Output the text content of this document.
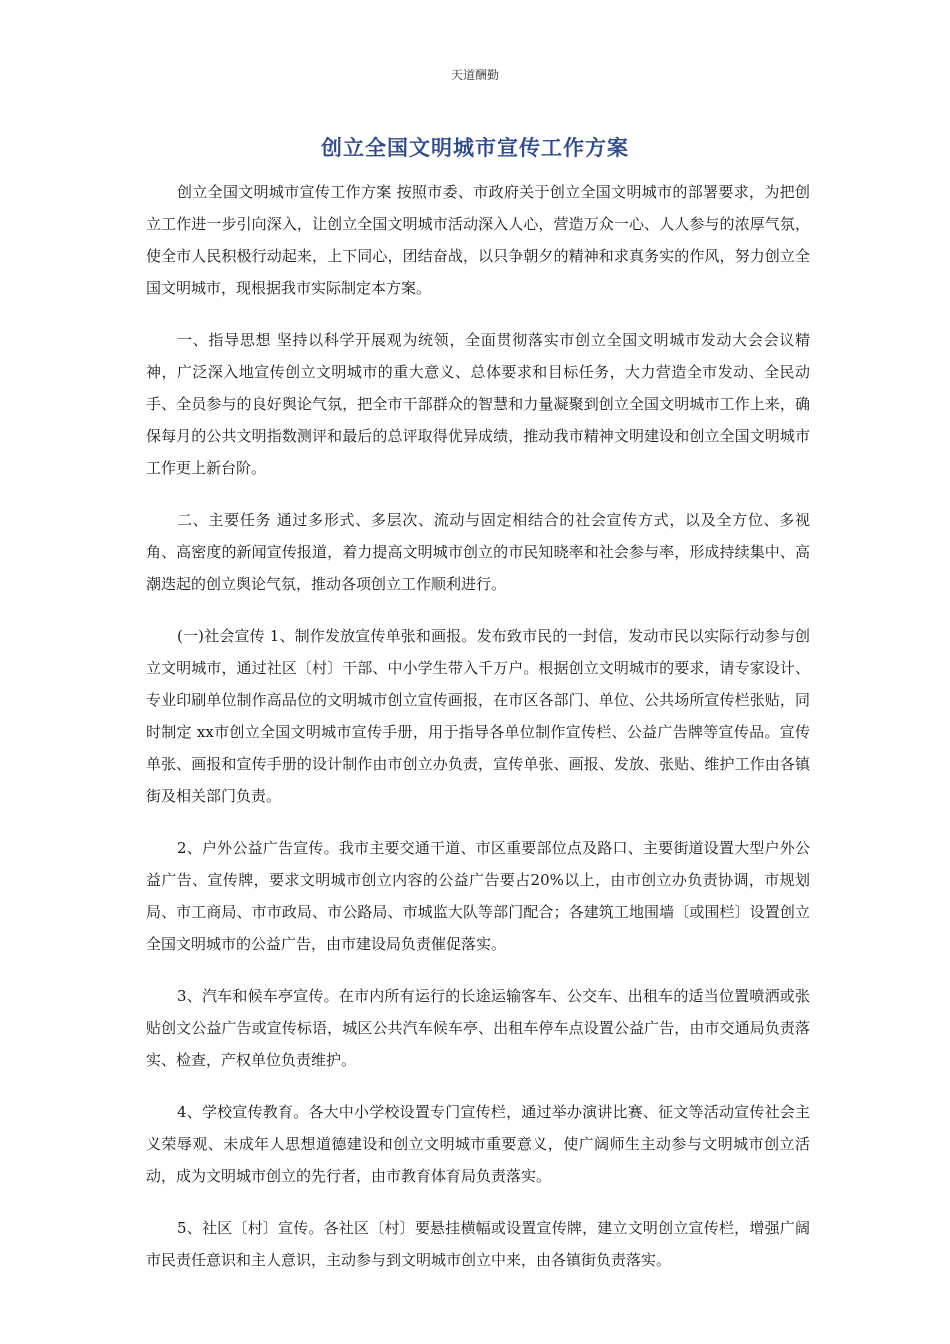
天道酬勤
创立全国文明城市宣传工作方案

创立全国文明城市宣传工作方案 按照市委、市政府关于创立全国文明城市的部署要求，为把创立工作进一步引向深入，让创立全国文明城市活动深入人心，营造万众一心、人人参与的浓厚气氛，使全市人民积极行动起来，上下同心，团结奋战，以只争朝夕的精神和求真务实的作风，努力创立全国文明城市，现根据我市实际制定本方案。

一、指导思想 坚持以科学开展观为统领，全面贯彻落实市创立全国文明城市发动大会会议精神，广泛深入地宣传创立文明城市的重大意义、总体要求和目标任务，大力营造全市发动、全民动手、全员参与的良好舆论气氛，把全市干部群众的智慧和力量凝聚到创立全国文明城市工作上来，确保每月的公共文明指数测评和最后的总评取得优异成绩，推动我市精神文明建设和创立全国文明城市工作更上新台阶。

二、主要任务 通过多形式、多层次、流动与固定相结合的社会宣传方式，以及全方位、多视角、高密度的新闻宣传报道，着力提高文明城市创立的市民知晓率和社会参与率，形成持续集中、高潮迭起的创立舆论气氛，推动各项创立工作顺利进行。

(一)社会宣传 1、制作发放宣传单张和画报。发布致市民的一封信，发动市民以实际行动参与创立文明城市，通过社区〔村〕干部、中小学生带入千万户。根据创立文明城市的要求，请专家设计、专业印刷单位制作高品位的文明城市创立宣传画报，在市区各部门、单位、公共场所宣传栏张贴，同时制定 xx市创立全国文明城市宣传手册，用于指导各单位制作宣传栏、公益广告牌等宣传品。宣传单张、画报和宣传手册的设计制作由市创立办负责，宣传单张、画报、发放、张贴、维护工作由各镇街及相关部门负责。

2、户外公益广告宣传。我市主要交通干道、市区重要部位点及路口、主要街道设置大型户外公益广告、宣传牌，要求文明城市创立内容的公益广告要占20%以上，由市创立办负责协调，市规划局、市工商局、市市政局、市公路局、市城监大队等部门配合；各建筑工地围墙〔或围栏〕设置创立全国文明城市的公益广告，由市建设局负责催促落实。

3、汽车和候车亭宣传。在市内所有运行的长途运输客车、公交车、出租车的适当位置喷洒或张贴创文公益广告或宣传标语，城区公共汽车候车亭、出租车停车点设置公益广告，由市交通局负责落实、检查，产权单位负责维护。

4、学校宣传教育。各大中小学校设置专门宣传栏，通过举办演讲比赛、征文等活动宣传社会主义荣辱观、未成年人思想道德建设和创立文明城市重要意义，使广阔师生主动参与文明城市创立活动，成为文明城市创立的先行者，由市教育体育局负责落实。

5、社区〔村〕宣传。各社区〔村〕要悬挂横幅或设置宣传牌，建立文明创立宣传栏，增强广阔市民责任意识和主人意识，主动参与到文明城市创立中来，由各镇街负责落实。
